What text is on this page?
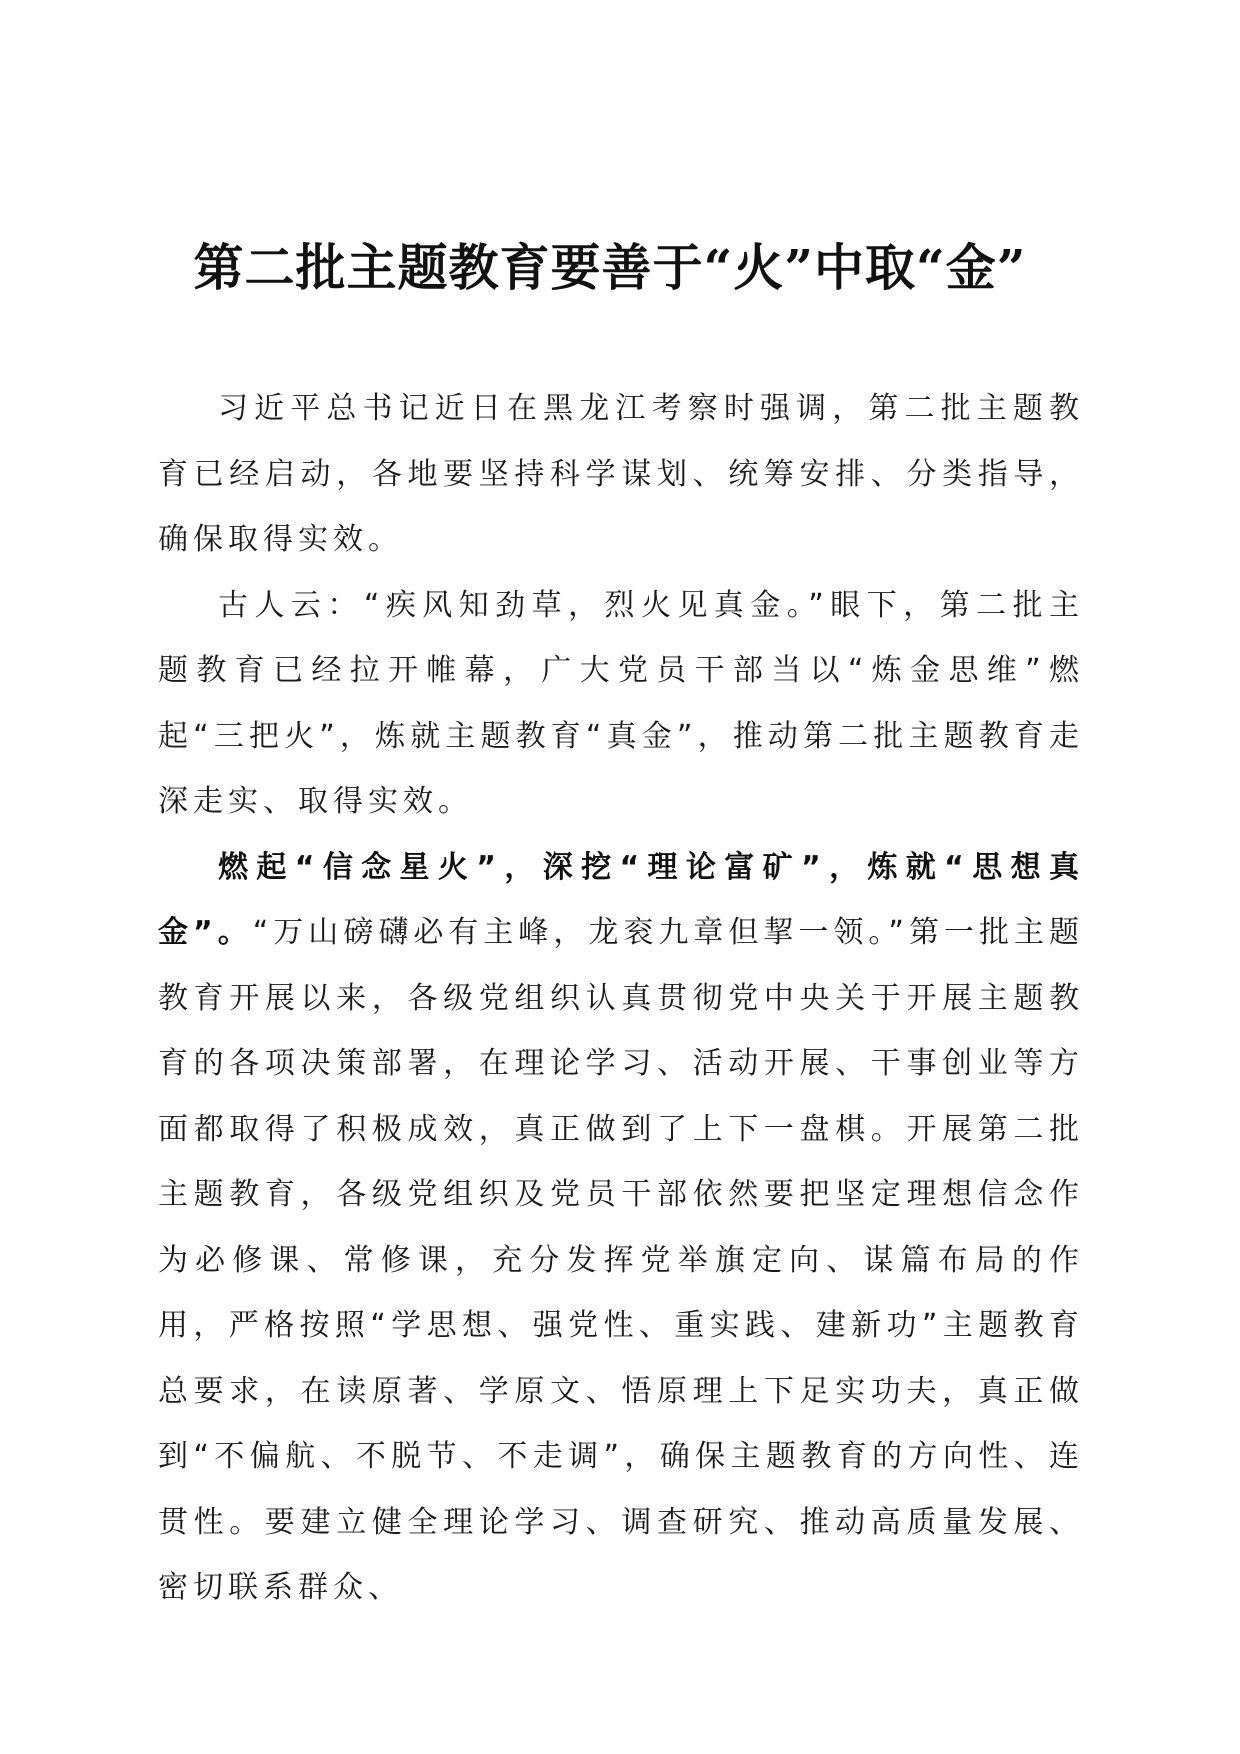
第二批主题教育要善于“火”中取“金”

习近平总书记近日在黑龙江考察时强调，第二批主题教育已经启动，各地要坚持科学谋划、统筹安排、分类指导，确保取得实效。

古人云：“疾风知劲草，烈火见真金。”眼下，第二批主题教育已经拉开帷幕，广大党员干部当以“炼金思维”燃起“三把火”，炼就主题教育“真金”，推动第二批主题教育走深走实、取得实效。

燃起“信念星火”，深挖“理论富矿”，炼就“思想真金”。“万山磅礴必有主峰，龙衮九章但挈一领。”第一批主题教育开展以来，各级党组织认真贯彻党中央关于开展主题教育的各项决策部署，在理论学习、活动开展、干事创业等方面都取得了积极成效，真正做到了上下一盘棋。开展第二批主题教育，各级党组织及党员干部依然要把坚定理想信念作为必修课、常修课，充分发挥党举旗定向、谋篇布局的作用，严格按照“学思想、强党性、重实践、建新功”主题教育总要求，在读原著、学原文、悟原理上下足实功夫，真正做到“不偏航、不脱节、不走调”，确保主题教育的方向性、连贯性。要建立健全理论学习、调查研究、推动高质量发展、密切联系群众、
